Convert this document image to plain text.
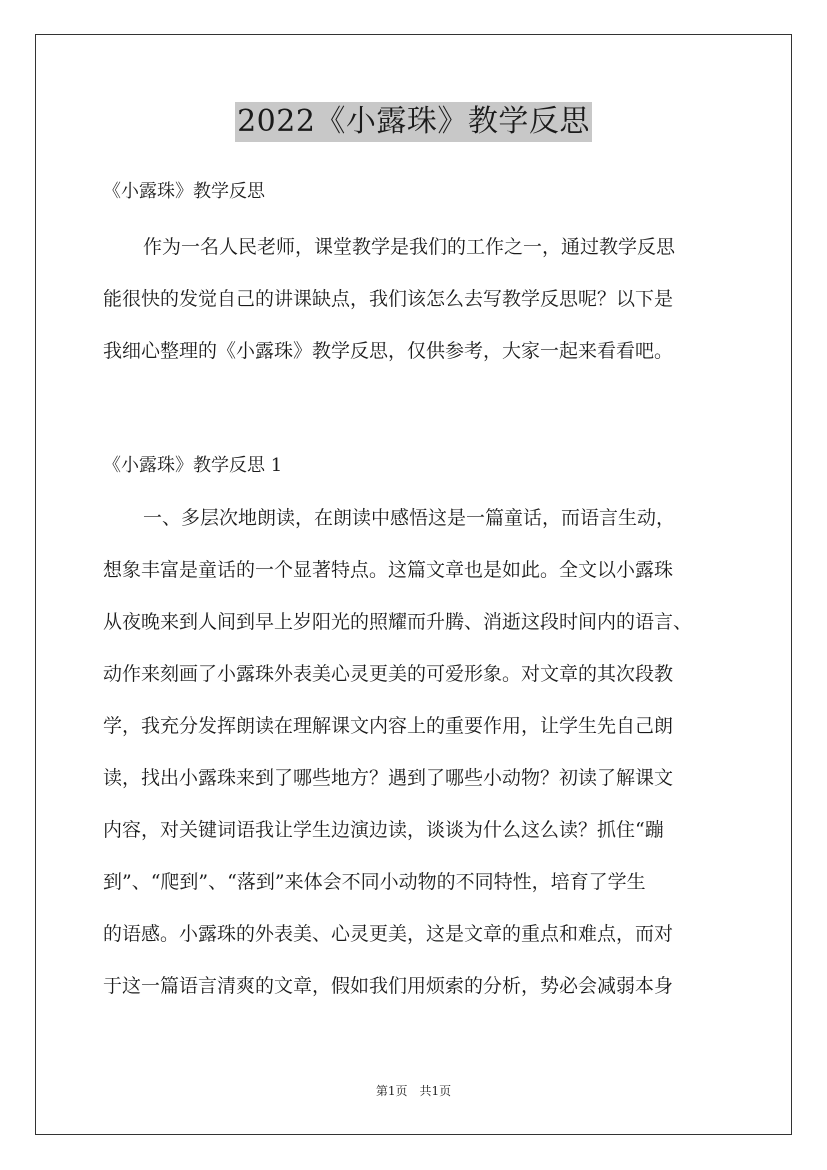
2022《小露珠》教学反思
《小露珠》教学反思
作为一名人民老师，课堂教学是我们的工作之一，通过教学反思
能很快的发觉自己的讲课缺点，我们该怎么去写教学反思呢？以下是
我细心整理的《小露珠》教学反思，仅供参考，大家一起来看看吧。
《小露珠》教学反思 1
一、多层次地朗读，在朗读中感悟这是一篇童话，而语言生动，
想象丰富是童话的一个显著特点。这篇文章也是如此。全文以小露珠
从夜晚来到人间到早上岁阳光的照耀而升腾、消逝这段时间内的语言、
动作来刻画了小露珠外表美心灵更美的可爱形象。对文章的其次段教
学，我充分发挥朗读在理解课文内容上的重要作用，让学生先自己朗
读，找出小露珠来到了哪些地方？遇到了哪些小动物？初读了解课文
内容，对关键词语我让学生边演边读，谈谈为什么这么读？抓住“蹦
到”、“爬到”、“落到”来体会不同小动物的不同特性，培育了学生
的语感。小露珠的外表美、心灵更美，这是文章的重点和难点，而对
于这一篇语言清爽的文章，假如我们用烦索的分析，势必会减弱本身
第1页　共1页
